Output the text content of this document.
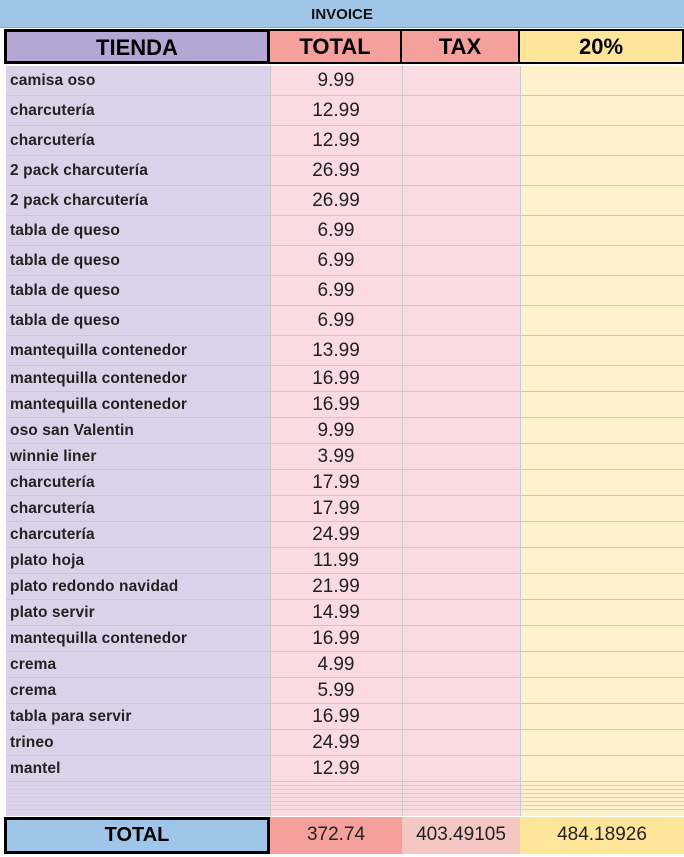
INVOICE
TIENDA	TOTAL	TAX	20%
camisa oso	9.99
charcutería	12.99
charcutería	12.99
2 pack charcutería	26.99
2 pack charcutería	26.99
tabla de queso	6.99
tabla de queso	6.99
tabla de queso	6.99
tabla de queso	6.99
mantequilla contenedor	13.99
mantequilla contenedor	16.99
mantequilla contenedor	16.99
oso san Valentin	9.99
winnie liner	3.99
charcutería	17.99
charcutería	17.99
charcutería	24.99
plato hoja	11.99
plato redondo navidad	21.99
plato servir	14.99
mantequilla contenedor	16.99
crema	4.99
crema	5.99
tabla para servir	16.99
trineo	24.99
mantel	12.99
TOTAL	372.74	403.49105	484.18926
